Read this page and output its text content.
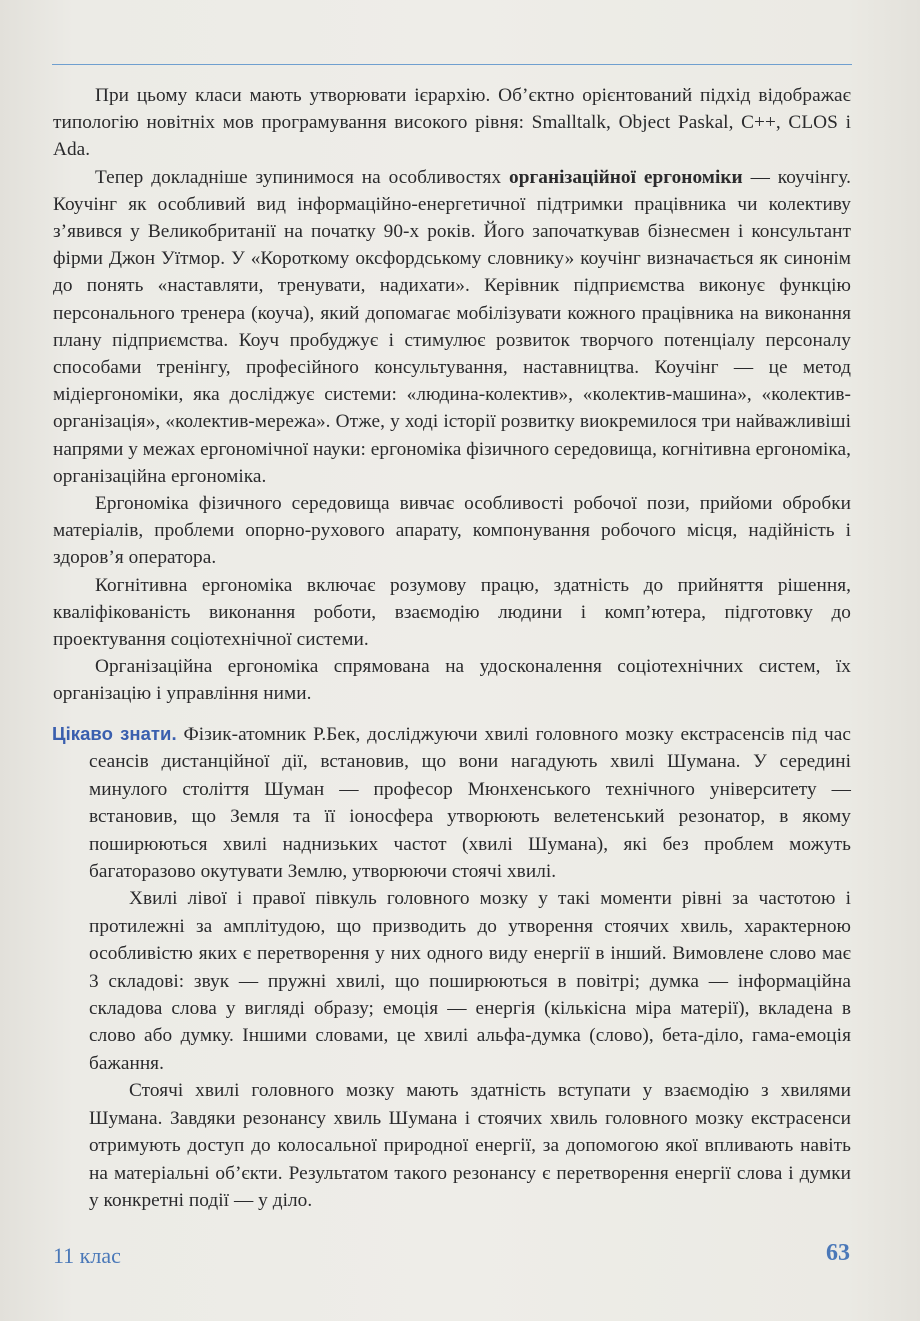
При цьому класи мають утворювати ієрархію. Об’єктно орієнтований підхід відображає типологію новітніх мов програмування високого рівня: Smalltalk, Object Paskal, C++, CLOS і Ada.

Тепер докладніше зупинимося на особливостях організаційної ергономіки — коучінгу. Коучінг як особливий вид інформаційно-енергетичної підтримки працівника чи колективу з’явився у Великобританії на початку 90-х років. Його започаткував бізнесмен і консультант фірми Джон Уїтмор. У «Короткому оксфордському словнику» коучінг визначається як синонім до понять «наставляти, тренувати, надихати». Керівник підприємства виконує функцію персонального тренера (коуча), який допомагає мобілізувати кожного працівника на виконання плану підприємства. Коуч пробуджує і стимулює розвиток творчого потенціалу персоналу способами тренінгу, професійного консультування, наставництва. Коучінг — це метод мідіергономіки, яка досліджує системи: «людина-колектив», «колектив-машина», «колектив-організація», «колектив-мережа». Отже, у ході історії розвитку виокремилося три найважливіші напрями у межах ергономічної науки: ергономіка фізичного середовища, когнітивна ергономіка, організаційна ергономіка.

Ергономіка фізичного середовища вивчає особливості робочої пози, прийоми обробки матеріалів, проблеми опорно-рухового апарату, компонування робочого місця, надійність і здоров’я оператора.

Когнітивна ергономіка включає розумову працю, здатність до прийняття рішення, кваліфікованість виконання роботи, взаємодію людини і комп’ютера, підготовку до проектування соціотехнічної системи.

Організаційна ергономіка спрямована на удосконалення соціотехнічних систем, їх організацію і управління ними.

Цікаво знати. Фізик-атомник Р.Бек, досліджуючи хвилі головного мозку екстрасенсів під час сеансів дистанційної дії, встановив, що вони нагадують хвилі Шумана. У середині минулого століття Шуман — професор Мюнхенського технічного університету — встановив, що Земля та її іоносфера утворюють велетенський резонатор, в якому поширюються хвилі наднизьких частот (хвилі Шумана), які без проблем можуть багаторазово окутувати Землю, утворюючи стоячі хвилі.

Хвилі лівої і правої півкуль головного мозку у такі моменти рівні за частотою і протилежні за амплітудою, що призводить до утворення стоячих хвиль, характерною особливістю яких є перетворення у них одного виду енергії в інший. Вимовлене слово має 3 складові: звук — пружні хвилі, що поширюються в повітрі; думка — інформаційна складова слова у вигляді образу; емоція — енергія (кількісна міра матерії), вкладена в слово або думку. Іншими словами, це хвилі альфа-думка (слово), бета-діло, гама-емоція бажання.

Стоячі хвилі головного мозку мають здатність вступати у взаємодію з хвилями Шумана. Завдяки резонансу хвиль Шумана і стоячих хвиль головного мозку екстрасенси отримують доступ до колосальної природної енергії, за допомогою якої впливають навіть на матеріальні об’єкти. Результатом такого резонансу є перетворення енергії слова і думки у конкретні події — у діло.

11 клас	63
